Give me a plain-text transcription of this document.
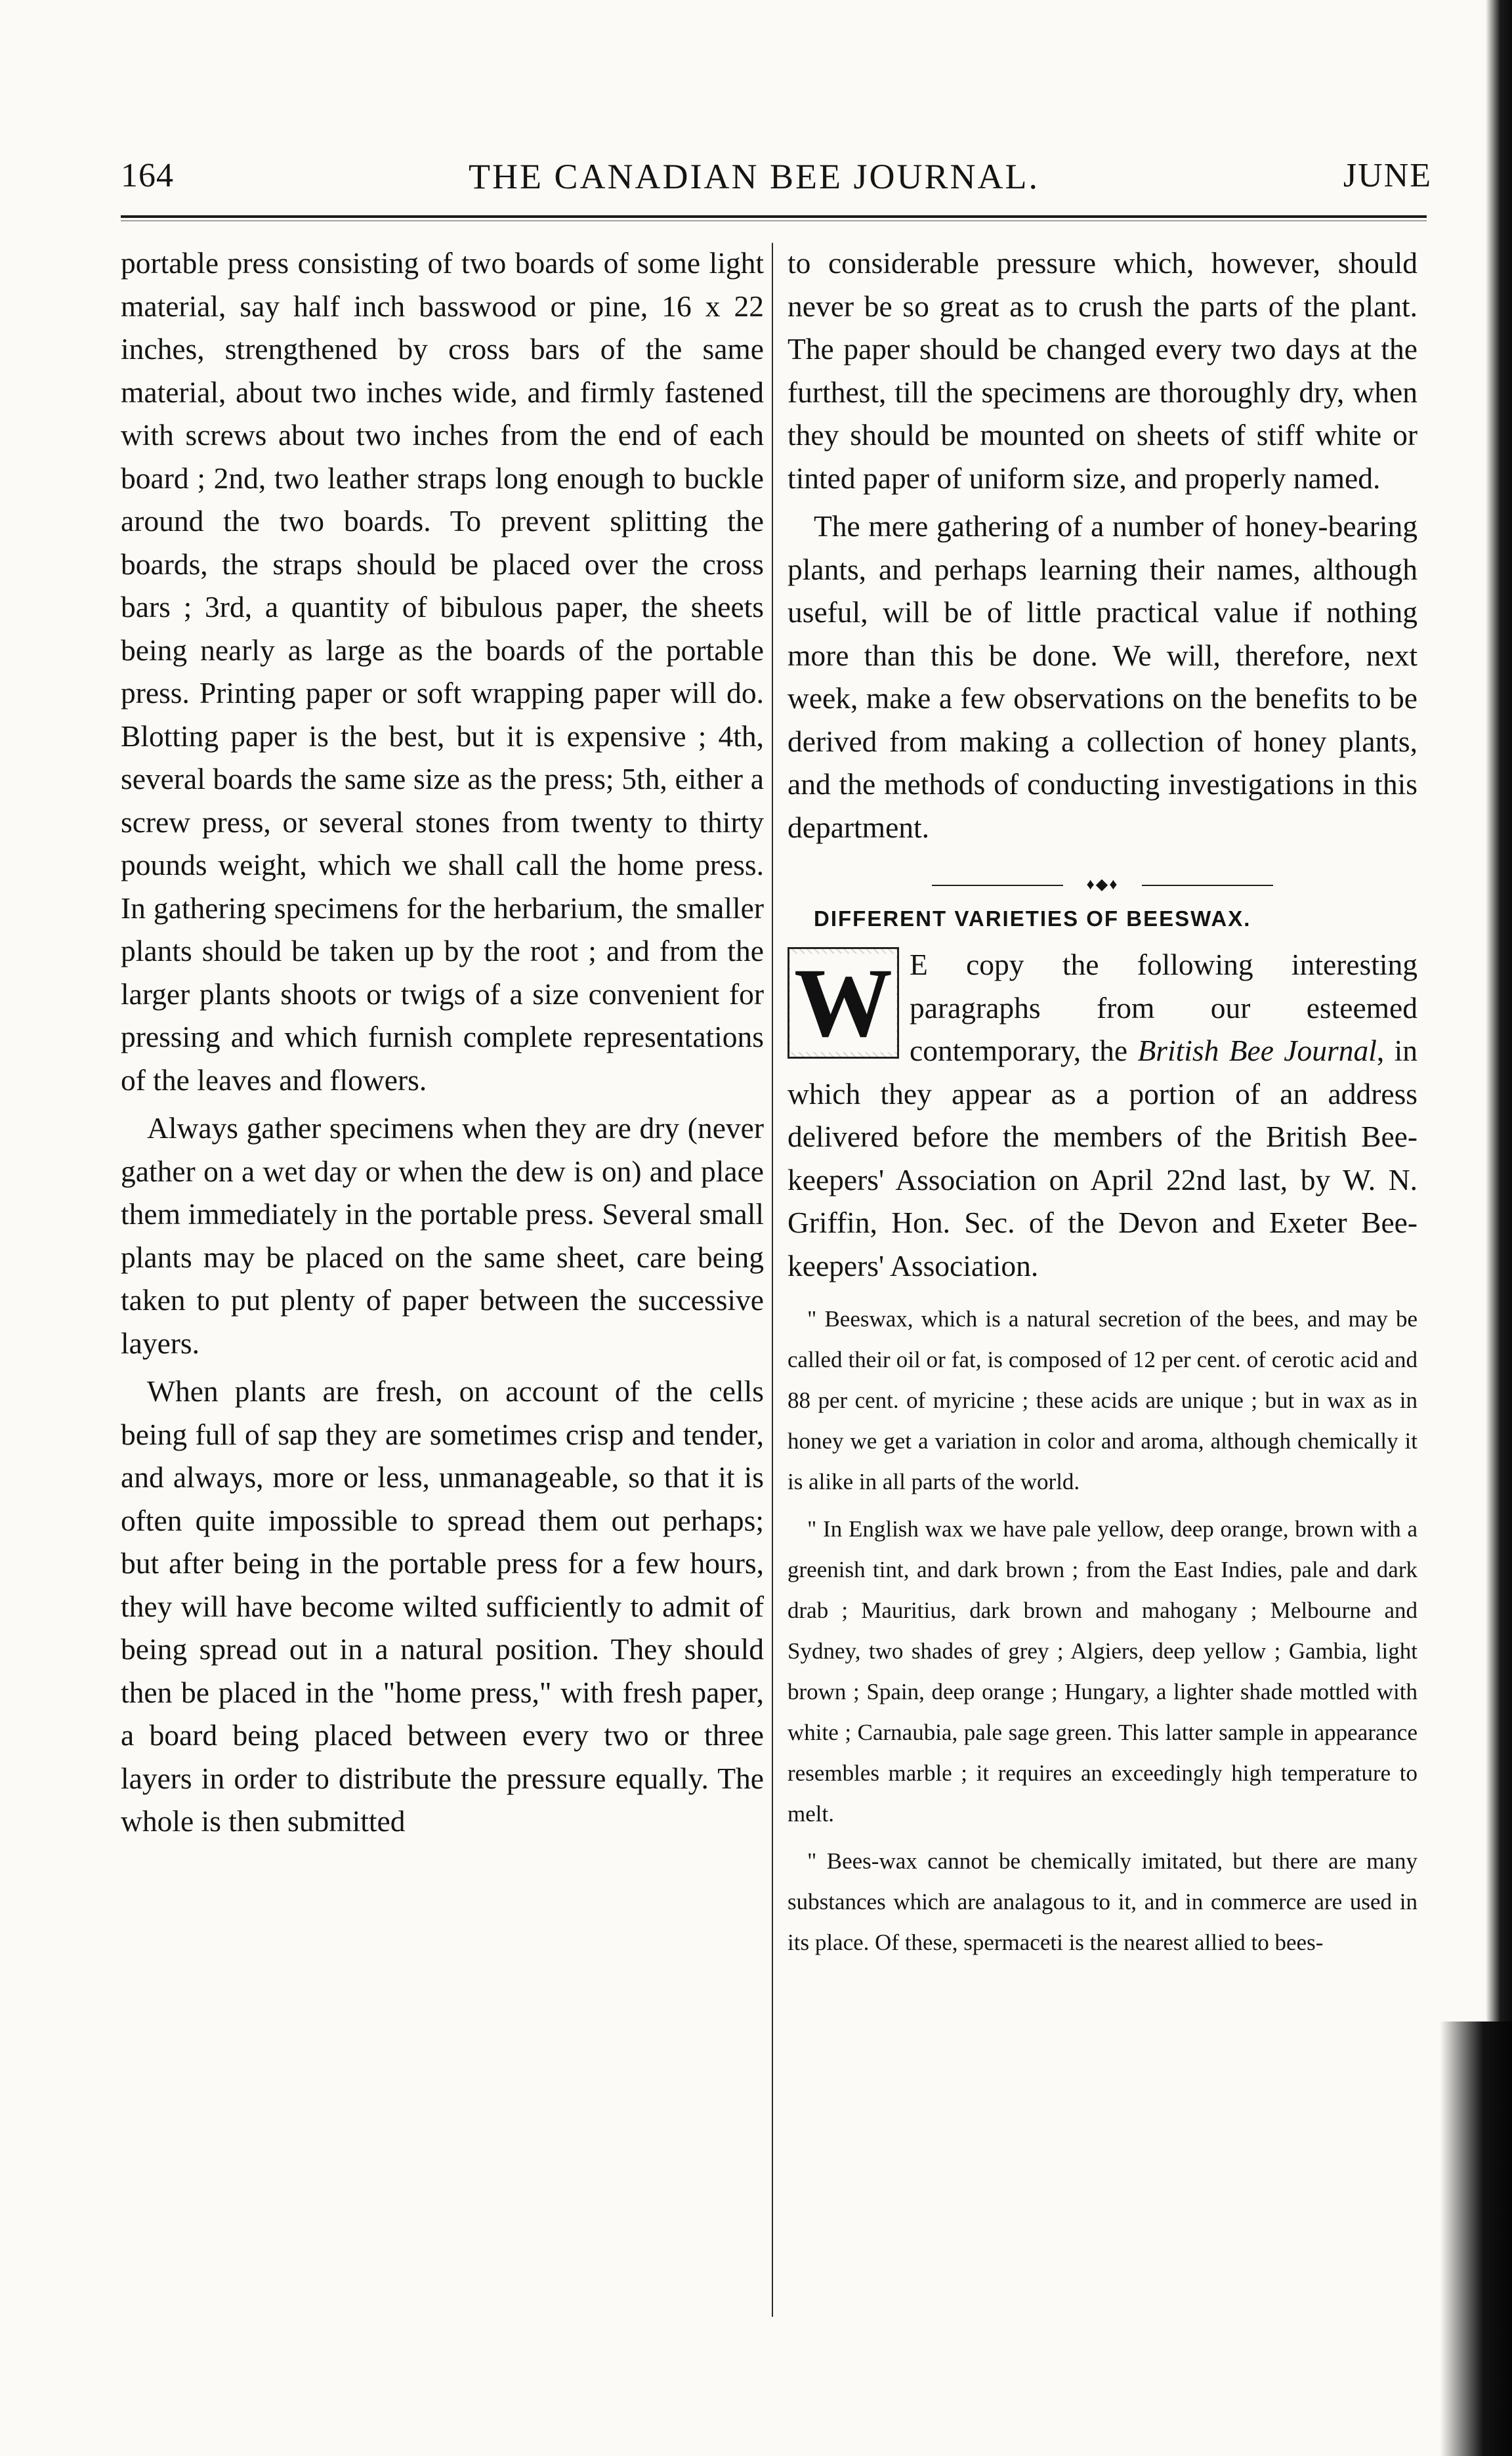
164	THE CANADIAN BEE JOURNAL.	JUNE

portable press consisting of two boards of some light material, say half inch basswood or pine, 16 x 22 inches, strengthened by cross bars of the same material, about two inches wide, and firmly fastened with screws about two inches from the end of each board ; 2nd, two leather straps long enough to buckle around the two boards. To prevent splitting the boards, the straps should be placed over the cross bars ; 3rd, a quantity of bibulous paper, the sheets being nearly as large as the boards of the portable press. Printing paper or soft wrapping paper will do. Blotting paper is the best, but it is expensive ; 4th, several boards the same size as the press; 5th, either a screw press, or several stones from twenty to thirty pounds weight, which we shall call the home press. In gathering specimens for the herbarium, the smaller plants should be taken up by the root ; and from the larger plants shoots or twigs of a size convenient for pressing and which furnish complete representations of the leaves and flowers.

Always gather specimens when they are dry (never gather on a wet day or when the dew is on) and place them immediately in the portable press. Several small plants may be placed on the same sheet, care being taken to put plenty of paper between the successive layers.

When plants are fresh, on account of the cells being full of sap they are sometimes crisp and tender, and always, more or less, unmanageable, so that it is often quite impossible to spread them out perhaps; but after being in the portable press for a few hours, they will have become wilted sufficiently to admit of being spread out in a natural position. They should then be placed in the "home press," with fresh paper, a board being placed between every two or three layers in order to distribute the pressure equally. The whole is then submitted

to considerable pressure which, however, should never be so great as to crush the parts of the plant. The paper should be changed every two days at the furthest, till the specimens are thoroughly dry, when they should be mounted on sheets of stiff white or tinted paper of uniform size, and properly named.

The mere gathering of a number of honey-bearing plants, and perhaps learning their names, although useful, will be of little practical value if nothing more than this be done. We will, therefore, next week, make a few observations on the benefits to be derived from making a collection of honey plants, and the methods of conducting investigations in this department.

♦◆♦
DIFFERENT VARIETIES OF BEESWAX.
W E copy the following interesting paragraphs from our esteemed contemporary, the British Bee Journal, in which they appear as a portion of an address delivered before the members of the British Bee-keepers' Association on April 22nd last, by W. N. Griffin, Hon. Sec. of the Devon and Exeter Bee-keepers' Association.

" Beeswax, which is a natural secretion of the bees, and may be called their oil or fat, is composed of 12 per cent. of cerotic acid and 88 per cent. of myricine ; these acids are unique ; but in wax as in honey we get a variation in color and aroma, although chemically it is alike in all parts of the world.

" In English wax we have pale yellow, deep orange, brown with a greenish tint, and dark brown ; from the East Indies, pale and dark drab ; Mauritius, dark brown and mahogany ; Melbourne and Sydney, two shades of grey ; Algiers, deep yellow ; Gambia, light brown ; Spain, deep orange ; Hungary, a lighter shade mottled with white ; Carnaubia, pale sage green. This latter sample in appearance resembles marble ; it requires an exceedingly high temperature to melt.

" Bees-wax cannot be chemically imitated, but there are many substances which are analagous to it, and in commerce are used in its place. Of these, spermaceti is the nearest allied to bees-
